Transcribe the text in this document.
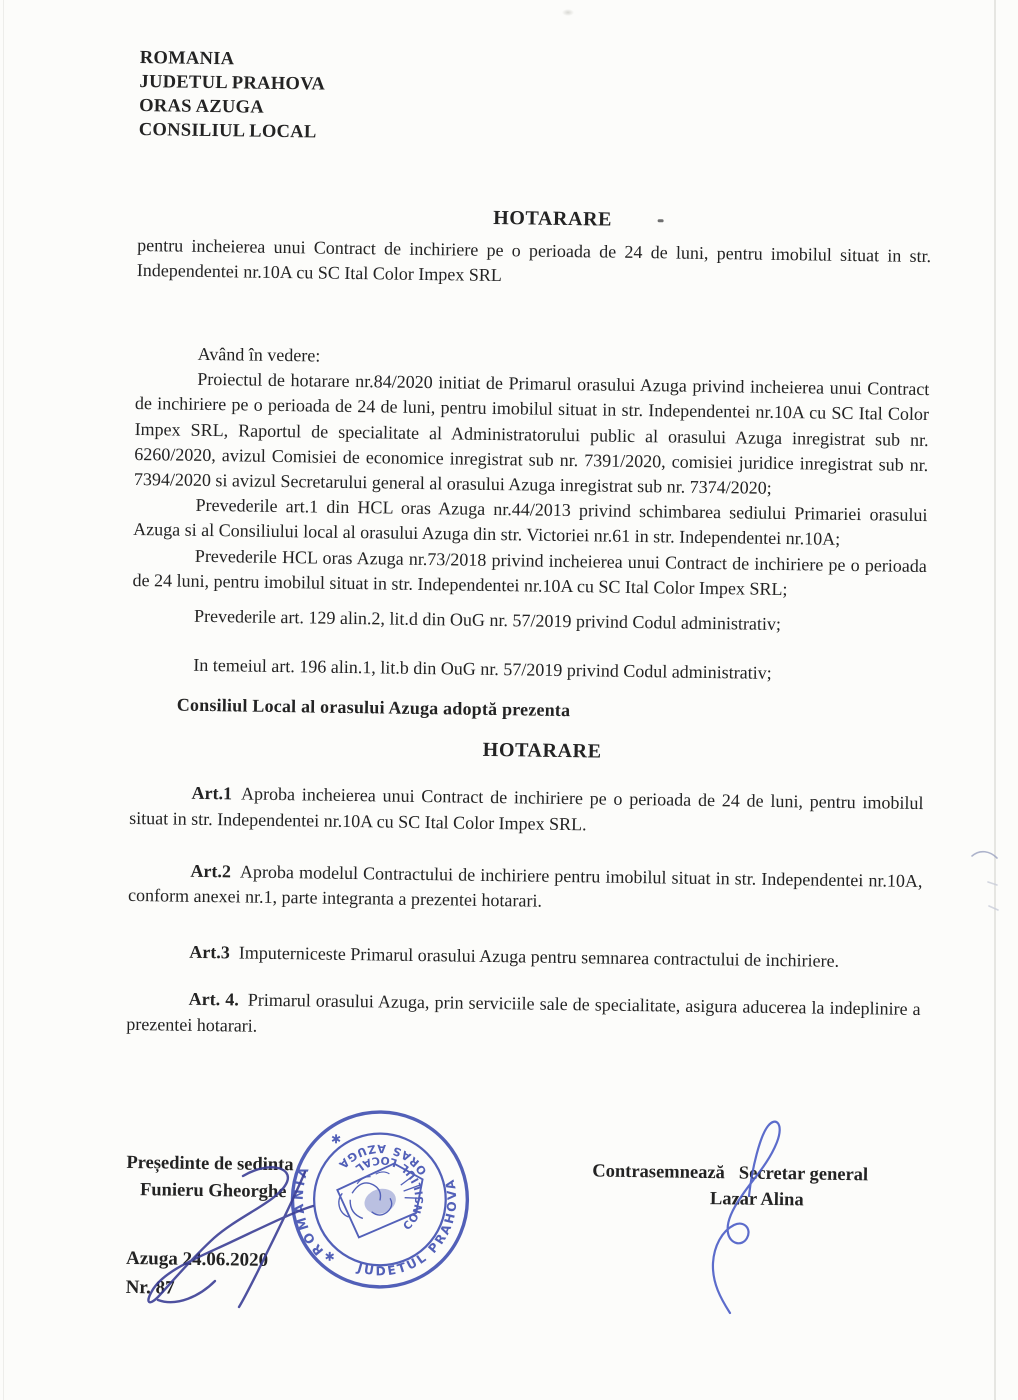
ROMANIA

JUDETUL PRAHOVA

ORAS AZUGA

CONSILIUL LOCAL

HOTARARE

pentru incheierea unui Contract de inchiriere pe o perioada de 24 de luni, pentru imobilul situat in str. Independentei nr.10A cu SC Ital Color Impex SRL

Având în vedere:

Proiectul de hotarare nr.84/2020 initiat de Primarul orasului Azuga privind incheierea unui Contract de inchiriere pe o perioada de 24 de luni, pentru imobilul situat in str. Independentei nr.10A cu SC Ital Color Impex SRL, Raportul de specialitate al Administratorului public al orasului Azuga inregistrat sub nr. 6260/2020, avizul Comisiei de economice inregistrat sub nr. 7391/2020, comisiei juridice inregistrat sub nr. 7394/2020 si avizul Secretarului general al orasului Azuga inregistrat sub nr. 7374/2020;

Prevederile art.1 din HCL oras Azuga nr.44/2013 privind schimbarea sediului Primariei orasului Azuga si al Consiliului local al orasului Azuga din str. Victoriei nr.61 in str. Independentei nr.10A;

Prevederile HCL oras Azuga nr.73/2018 privind incheierea unui Contract de inchiriere pe o perioada de 24 luni, pentru imobilul situat in str. Independentei nr.10A cu SC Ital Color Impex SRL;

Prevederile art. 129 alin.2, lit.d din OuG nr. 57/2019 privind Codul administrativ;

In temeiul art. 196 alin.1, lit.b din OuG nr. 57/2019 privind Codul administrativ;

Consiliul Local al orasului Azuga adoptă prezenta

HOTARARE

Art.1 Aproba incheierea unui Contract de inchiriere pe o perioada de 24 de luni, pentru imobilul situat in str. Independentei nr.10A cu SC Ital Color Impex SRL.

Art.2 Aproba modelul Contractului de inchiriere pentru imobilul situat in str. Independentei nr.10A, conform anexei nr.1, parte integranta a prezentei hotarari.

Art.3 Imputerniceste Primarul orasului Azuga pentru semnarea contractului de inchiriere.

Art. 4. Primarul orasului Azuga, prin serviciile sale de specialitate, asigura aducerea la indeplinire a prezentei hotarari.

ROMANIA
JUDETUL PRAHOVA
ORAS AZUGA
CONSILIUL LOCAL
✱
✱
Președinte de sedinta
Funieru Gheorghe
Azuga 24.06.2020
Nr. 87
Contrasemnează Secretar general
Lazar Alina
